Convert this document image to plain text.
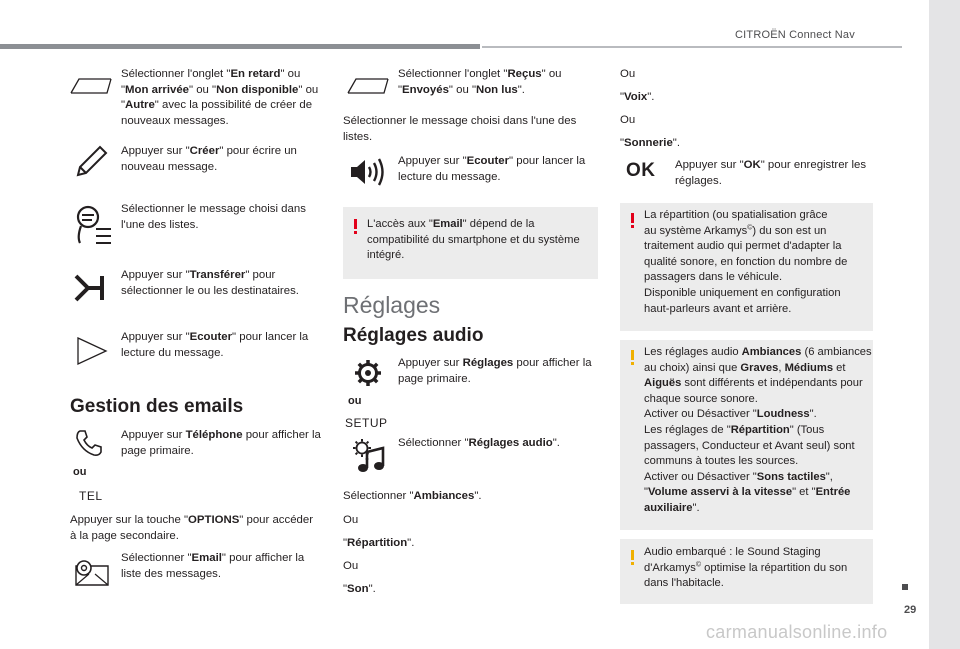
CITROËN Connect Nav
29
carmanualsonline.info
Sélectionner l'onglet "En retard" ou "Mon arrivée" ou "Non disponible" ou "Autre" avec la possibilité de créer de nouveaux messages.
Appuyer sur "Créer" pour écrire un nouveau message.
Sélectionner le message choisi dans l'une des listes.
Appuyer sur "Transférer" pour sélectionner le ou les destinataires.
Appuyer sur "Ecouter" pour lancer la lecture du message.
Gestion des emails
ou
TEL
Appuyer sur Téléphone pour afficher la page primaire.
Appuyer sur la touche "OPTIONS" pour accéder à la page secondaire.
Sélectionner "Email" pour afficher la liste des messages.
Sélectionner l'onglet "Reçus" ou "Envoyés" ou "Non lus".
Sélectionner le message choisi dans l'une des listes.
Appuyer sur "Ecouter" pour lancer la lecture du message.
L'accès aux "Email" dépend de la compatibilité du smartphone et du système intégré.
Réglages
Réglages audio
ou
SETUP
Appuyer sur Réglages pour afficher la page primaire.
Sélectionner "Réglages audio".
Sélectionner "Ambiances".
Ou
"Répartition".
Ou
"Son".
Ou
"Voix".
Ou
"Sonnerie".
OK Appuyer sur "OK" pour enregistrer les réglages.
La répartition (ou spatialisation grâce
au système Arkamys©) du son est un
traitement audio qui permet d'adapter la
qualité sonore, en fonction du nombre de
passagers dans le véhicule.
Disponible uniquement en configuration
haut-parleurs avant et arrière.
Les réglages audio Ambiances (6 ambiances au choix) ainsi que Graves, Médiums et Aiguës sont différents et indépendants pour chaque source sonore.
Activer ou Désactiver "Loudness".
Les réglages de "Répartition" (Tous passagers, Conducteur et Avant seul) sont communs à toutes les sources.
Activer ou Désactiver "Sons tactiles",
"Volume asservi à la vitesse" et "Entrée auxiliaire".
Audio embarqué : le Sound Staging d'Arkamys© optimise la répartition du son dans l'habitacle.
